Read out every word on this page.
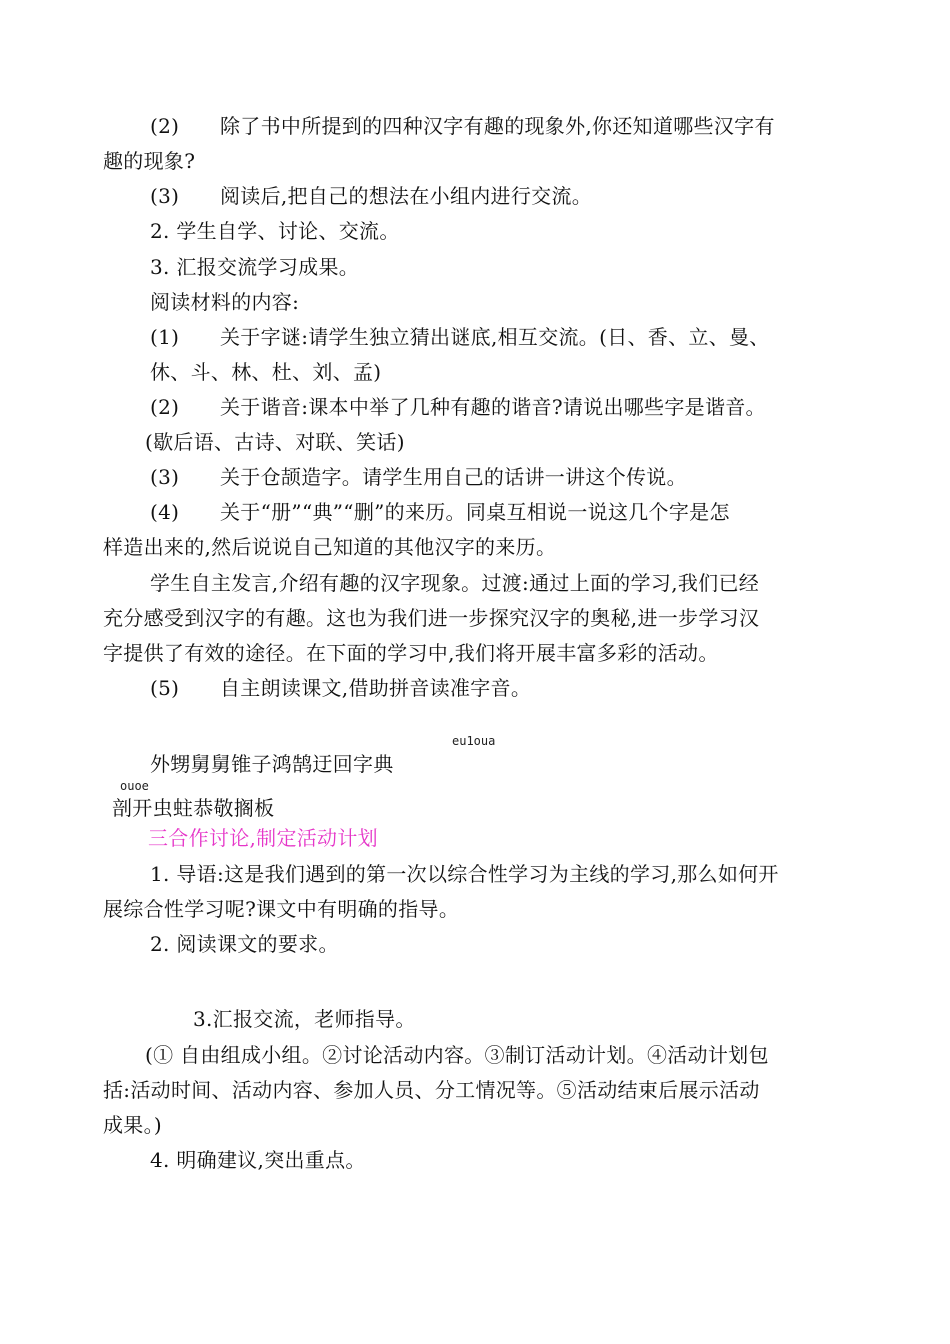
(2) 除了书中所提到的四种汉字有趣的现象外,你还知道哪些汉字有
趣的现象?
(3) 阅读后,把自己的想法在小组内进行交流。
2. 学生自学、讨论、交流。
3. 汇报交流学习成果。
阅读材料的内容:
(1) 关于字谜:请学生独立猜出谜底,相互交流。(日、香、立、曼、
休、斗、林、杜、刘、孟)
(2) 关于谐音:课本中举了几种有趣的谐音?请说出哪些字是谐音。
(歇后语、古诗、对联、笑话)
(3) 关于仓颉造字。请学生用自己的话讲一讲这个传说。
(4) 关于“册”“典”“删”的来历。同桌互相说一说这几个字是怎
样造出来的,然后说说自己知道的其他汉字的来历。
学生自主发言,介绍有趣的汉字现象。过渡:通过上面的学习,我们已经
充分感受到汉字的有趣。这也为我们进一步探究汉字的奥秘,进一步学习汉
字提供了有效的途径。在下面的学习中,我们将开展丰富多彩的活动。
(5) 自主朗读课文,借助拼音读准字音。
eu1oua
外甥舅舅锥子鸿鹄迂回字典
ouoe
剖开虫蛀恭敬搁板
三合作讨论,制定活动计划
1. 导语:这是我们遇到的第一次以综合性学习为主线的学习,那么如何开
展综合性学习呢?课文中有明确的指导。
2. 阅读课文的要求。
3.汇报交流，老师指导。
(① 自由组成小组。②讨论活动内容。③制订活动计划。④活动计划包
括:活动时间、活动内容、参加人员、分工情况等。⑤活动结束后展示活动
成果。)
4. 明确建议,突出重点。
